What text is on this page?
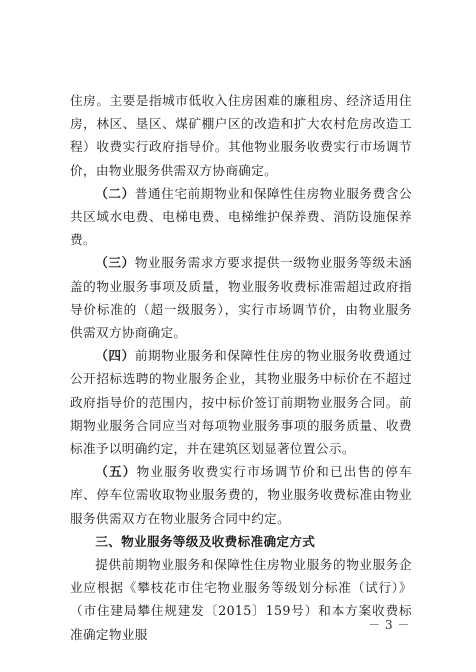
住房。主要是指城市低收入住房困难的廉租房、经济适用住房，林区、垦区、煤矿棚户区的改造和扩大农村危房改造工程）收费实行政府指导价。其他物业服务收费实行市场调节价，由物业服务供需双方协商确定。

（二）普通住宅前期物业和保障性住房物业服务费含公共区域水电费、电梯电费、电梯维护保养费、消防设施保养费。

（三）物业服务需求方要求提供一级物业服务等级未涵盖的物业服务事项及质量，物业服务收费标准需超过政府指导价标准的（超一级服务），实行市场调节价，由物业服务供需双方协商确定。

（四）前期物业服务和保障性住房的物业服务收费通过公开招标选聘的物业服务企业，其物业服务中标价在不超过政府指导价的范围内，按中标价签订前期物业服务合同。前期物业服务合同应当对每项物业服务事项的服务质量、收费标准予以明确约定，并在建筑区划显著位置公示。

（五）物业服务收费实行市场调节价和已出售的停车库、停车位需收取物业服务费的，物业服务收费标准由物业服务供需双方在物业服务合同中约定。

三、物业服务等级及收费标准确定方式

提供前期物业服务和保障性住房物业服务的物业服务企业应根据《攀枝花市住宅物业服务等级划分标准（试行）》（市住建局攀住规建发〔2015〕159号）和本方案收费标准确定物业服

－ 3 －
